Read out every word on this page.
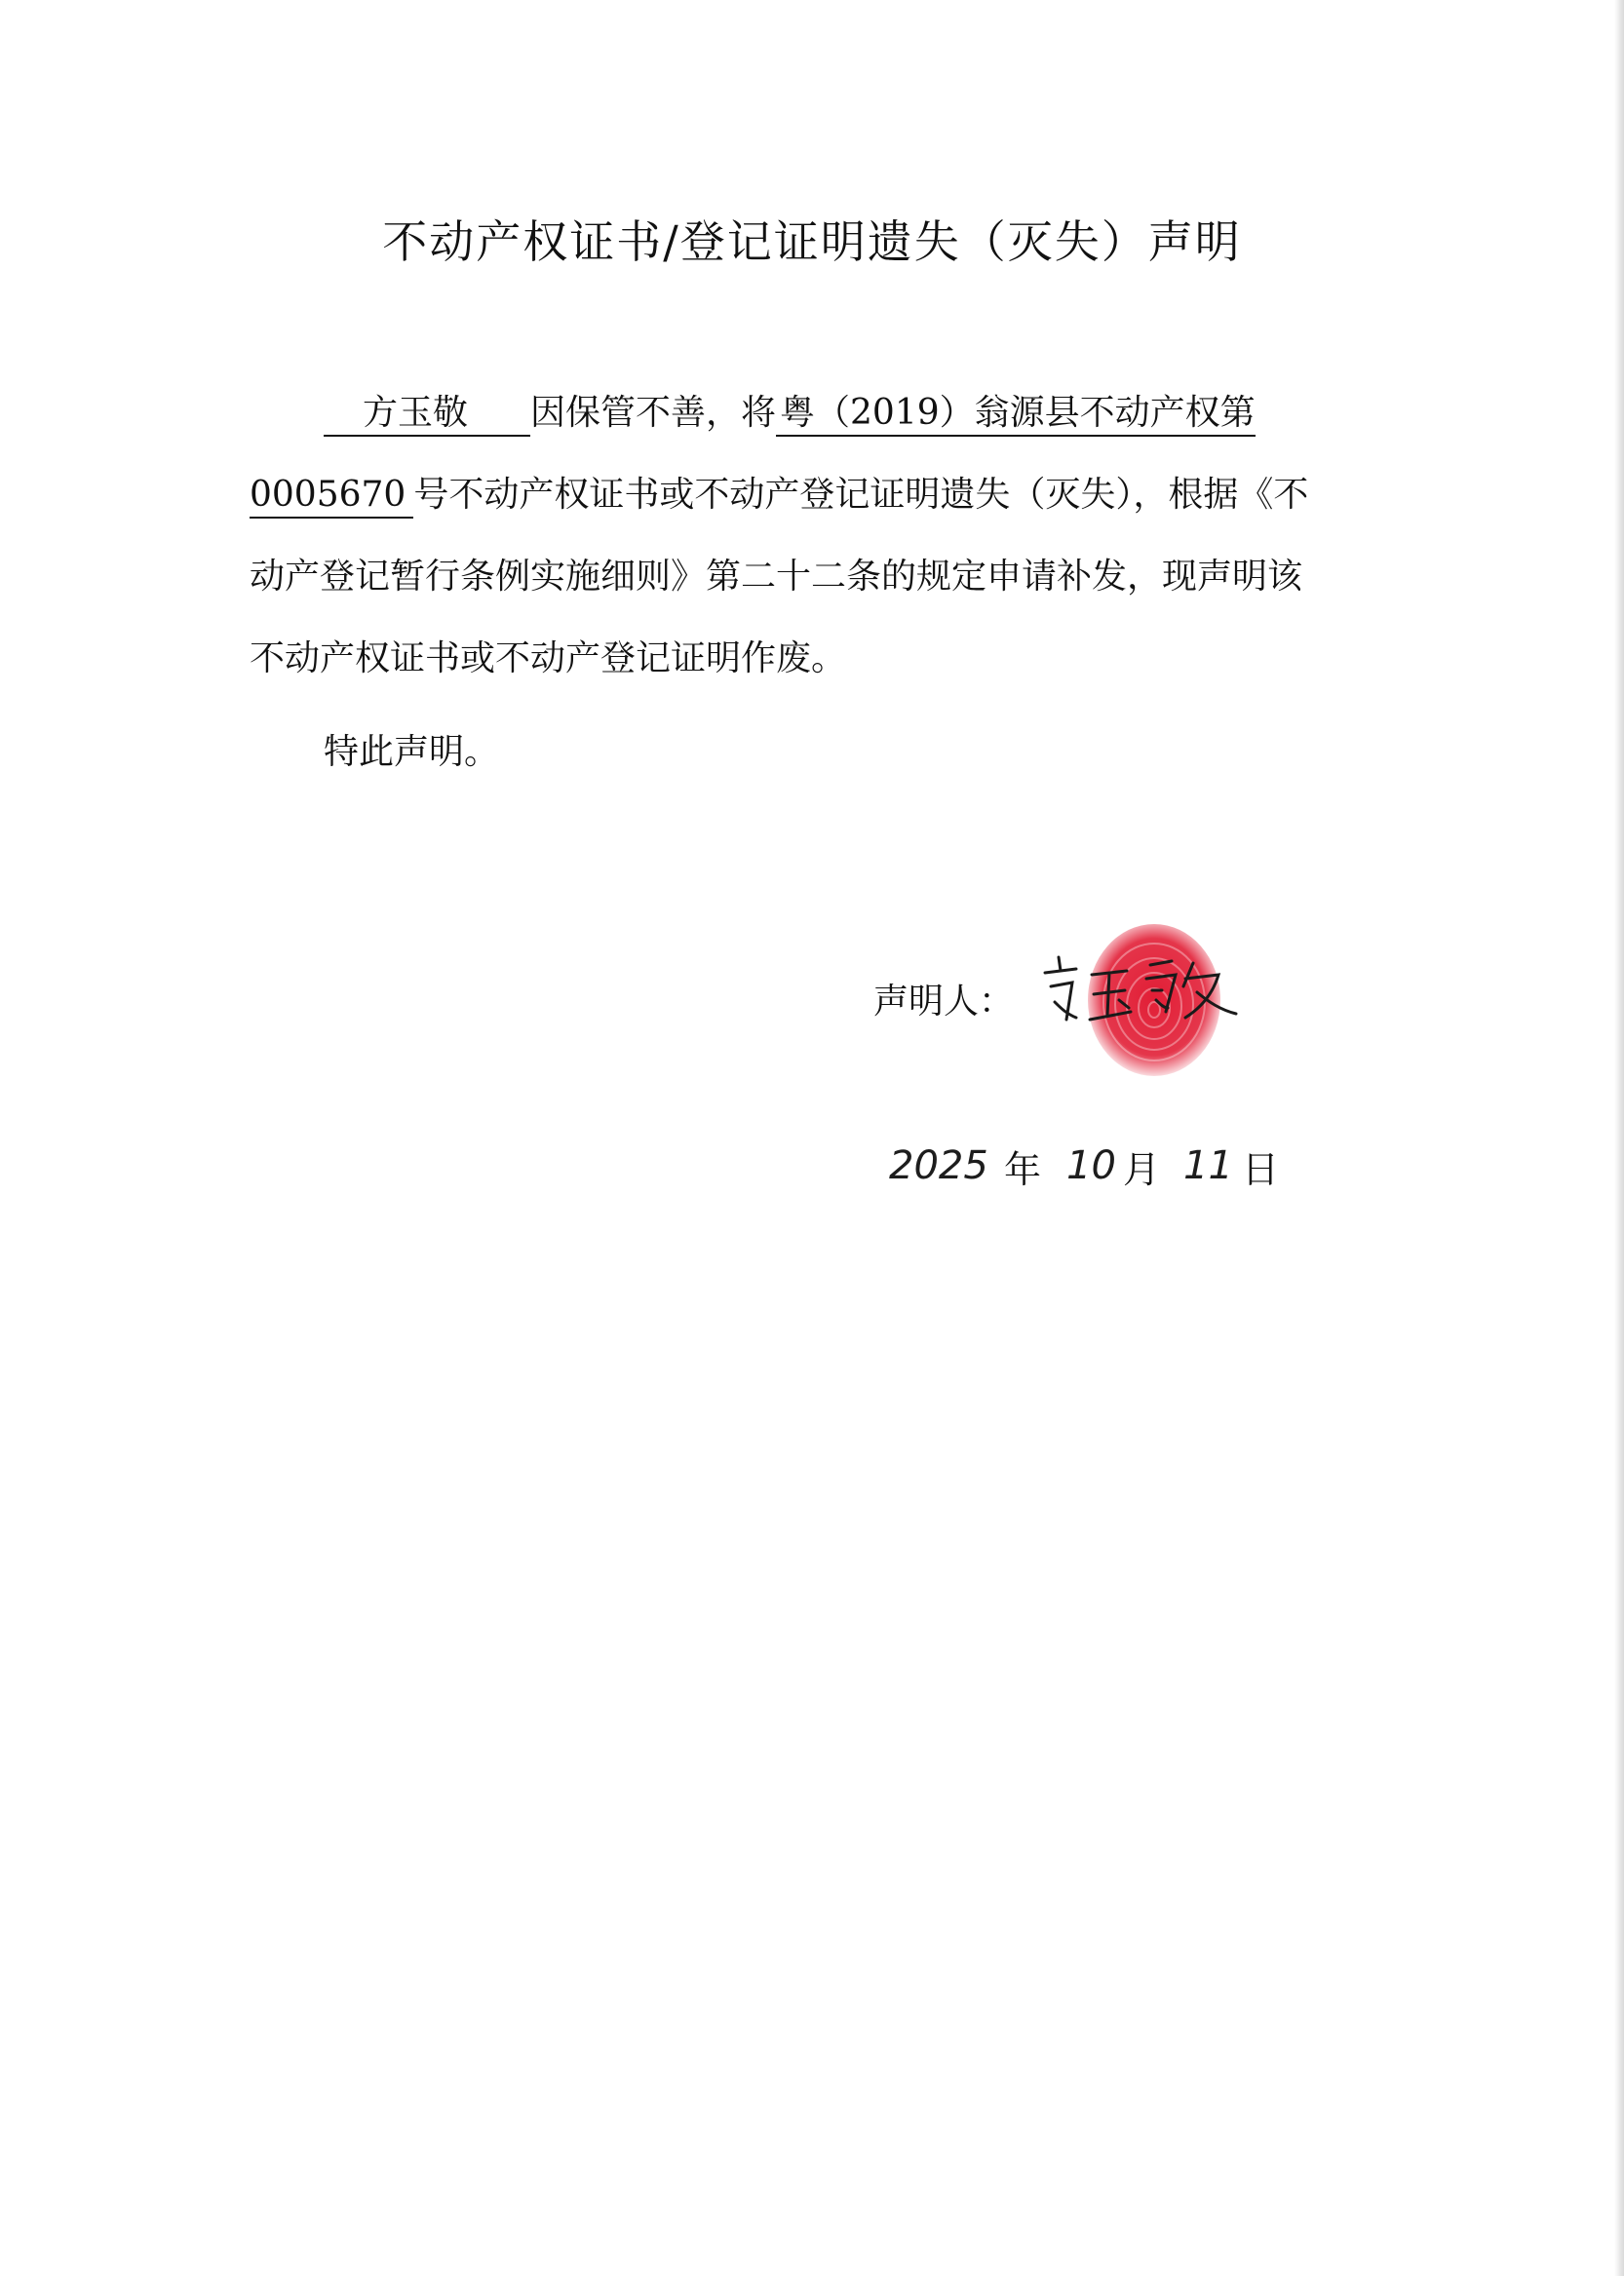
不动产权证书/登记证明遗失（灭失）声明
方玉敬 因保管不善，将 粤（2019）翁源县不动产权第
0005670 号不动产权证书或不动产登记证明遗失（灭失），根据《不
动产登记暂行条例实施细则》第二十二条的规定申请补发，现声明该
不动产权证书或不动产登记证明作废。
特此声明。
声明人：
2025 年 10 月 11 日
